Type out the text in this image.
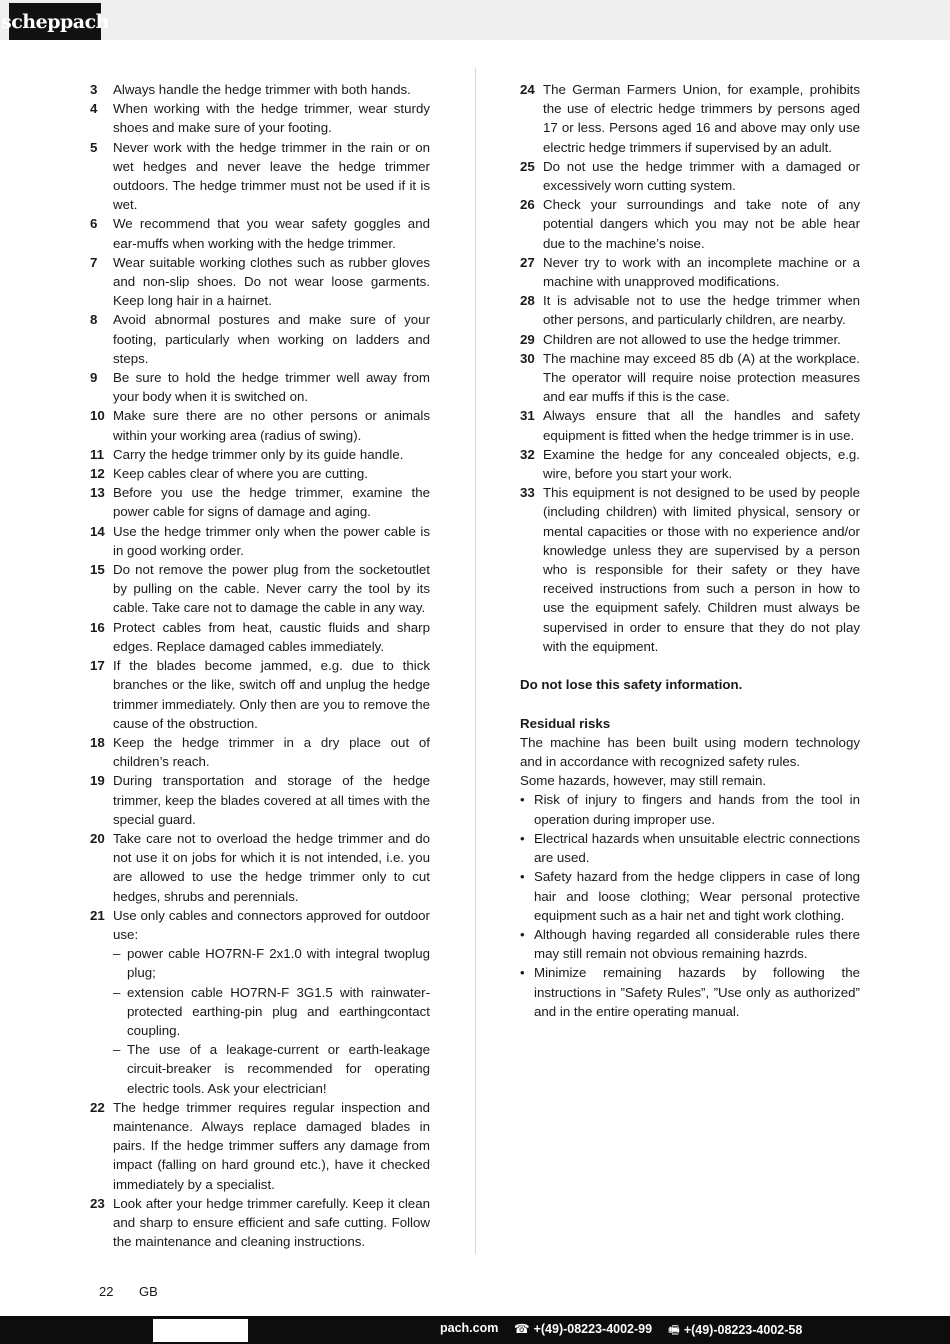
scheppach
3 Always handle the hedge trimmer with both hands.
4 When working with the hedge trimmer, wear sturdy shoes and make sure of your footing.
5 Never work with the hedge trimmer in the rain or on wet hedges and never leave the hedge trimmer outdoors. The hedge trimmer must not be used if it is wet.
6 We recommend that you wear safety goggles and ear-muffs when working with the hedge trimmer.
7 Wear suitable working clothes such as rubber gloves and non-slip shoes. Do not wear loose garments. Keep long hair in a hairnet.
8 Avoid abnormal postures and make sure of your footing, particularly when working on ladders and steps.
9 Be sure to hold the hedge trimmer well away from your body when it is switched on.
10 Make sure there are no other persons or animals within your working area (radius of swing).
11 Carry the hedge trimmer only by its guide handle.
12 Keep cables clear of where you are cutting.
13 Before you use the hedge trimmer, examine the power cable for signs of damage and aging.
14 Use the hedge trimmer only when the power cable is in good working order.
15 Do not remove the power plug from the socketoutlet by pulling on the cable. Never carry the tool by its cable. Take care not to damage the cable in any way.
16 Protect cables from heat, caustic fluids and sharp edges. Replace damaged cables immediately.
17 If the blades become jammed, e.g. due to thick branches or the like, switch off and unplug the hedge trimmer immediately. Only then are you to remove the cause of the obstruction.
18 Keep the hedge trimmer in a dry place out of children’s reach.
19 During transportation and storage of the hedge trimmer, keep the blades covered at all times with the special guard.
20 Take care not to overload the hedge trimmer and do not use it on jobs for which it is not intended, i.e. you are allowed to use the hedge trimmer only to cut hedges, shrubs and perennials.
21 Use only cables and connectors approved for outdoor use:
– power cable HO7RN-F 2x1.0 with integral twoplug plug;
– extension cable HO7RN-F 3G1.5 with rainwater-protected earthing-pin plug and earthingcontact coupling.
– The use of a leakage-current or earth-leakage circuit-breaker is recommended for operating electric tools. Ask your electrician!
22 The hedge trimmer requires regular inspection and maintenance. Always replace damaged blades in pairs. If the hedge trimmer suffers any damage from impact (falling on hard ground etc.), have it checked immediately by a specialist.
23 Look after your hedge trimmer carefully. Keep it clean and sharp to ensure efficient and safe cutting. Follow the maintenance and cleaning instructions.
24 The German Farmers Union, for example, prohibits the use of electric hedge trimmers by persons aged 17 or less. Persons aged 16 and above may only use electric hedge trimmers if supervised by an adult.
25 Do not use the hedge trimmer with a damaged or excessively worn cutting system.
26 Check your surroundings and take note of any potential dangers which you may not be able hear due to the machine’s noise.
27 Never try to work with an incomplete machine or a machine with unapproved modifications.
28 It is advisable not to use the hedge trimmer when other persons, and particularly children, are nearby.
29 Children are not allowed to use the hedge trimmer.
30 The machine may exceed 85 db (A) at the workplace. The operator will require noise protection measures and ear muffs if this is the case.
31 Always ensure that all the handles and safety equipment is fitted when the hedge trimmer is in use.
32 Examine the hedge for any concealed objects, e.g. wire, before you start your work.
33 This equipment is not designed to be used by people (including children) with limited physical, sensory or mental capacities or those with no experience and/or knowledge unless they are supervised by a person who is responsible for their safety or they have received instructions from such a person in how to use the equipment safely. Children must always be supervised in order to ensure that they do not play with the equipment.

Do not lose this safety information.

Residual risks

The machine has been built using modern technology and in accordance with recognized safety rules.

Some hazards, however, may still remain.

• Risk of injury to fingers and hands from the tool in operation during improper use.
• Electrical hazards when unsuitable electric connections are used.
• Safety hazard from the hedge clippers in case of long hair and loose clothing; Wear personal protective equipment such as a hair net and tight work clothing.
• Although having regarded all considerable rules there may still remain not obvious remaining hazrds.
• Minimize remaining hazards by following the instructions in ”Safety Rules”, ”Use only as authorized” and in the entire operating manual.
22 GB
pach.com ☎ +(49)-08223-4002-99 🖷 +(49)-08223-4002-58
